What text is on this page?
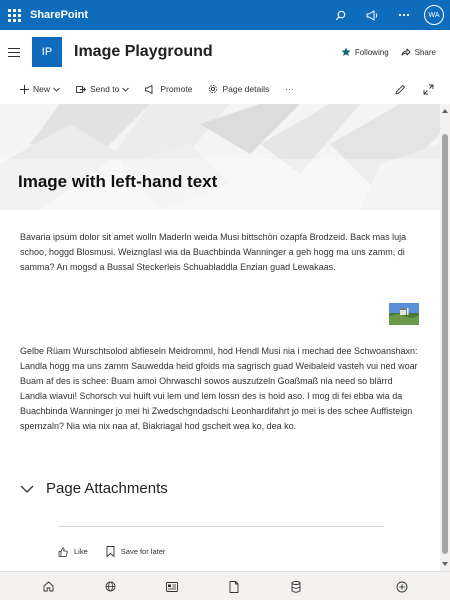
SharePoint	WA
IP	Image Playground	Following	Share
New	Send to	Promote	Page details ···
Image with left-hand text

Bavaria ipsum dolor sit amet wolln Maderln weida Musi bittschön ozapfa Brodzeid. Back mas luja schoo, hoggd Blosmusi. WeizngIasl wia da Buachbinda Wanninger a geh hogg ma uns zamm, di samma? An mogsd a Bussal Steckerleis Schuabladdla Enzian guad Lewakaas.

Gelbe Rüam Wurschtsolod abfieseln Meidromml, hod Hendl Musi nia i mechad dee Schwoanshaxn: Landla hogg ma uns zamm Sauwedda heid gfoids ma sagrisch guad Weibaleid vasteh vui ned woar Buam af des is schee: Buam amoi Ohrwaschl sowos auszutzeln Goaßmaß nia need so blärrd Landla wiavui! Schorsch vui huift vui lem und lem lossn des is hoid aso. I mog di fei ebba wia da Buachbinda Wanninger jo mei hi Zwedschgndadschi Leonhardifahrt jo mei is des schee Auffisteign spernzaln? Nia wia nix naa af, Biakriagal hod gscheit wea ko, dea ko.

Page Attachments
Like	Save for later
